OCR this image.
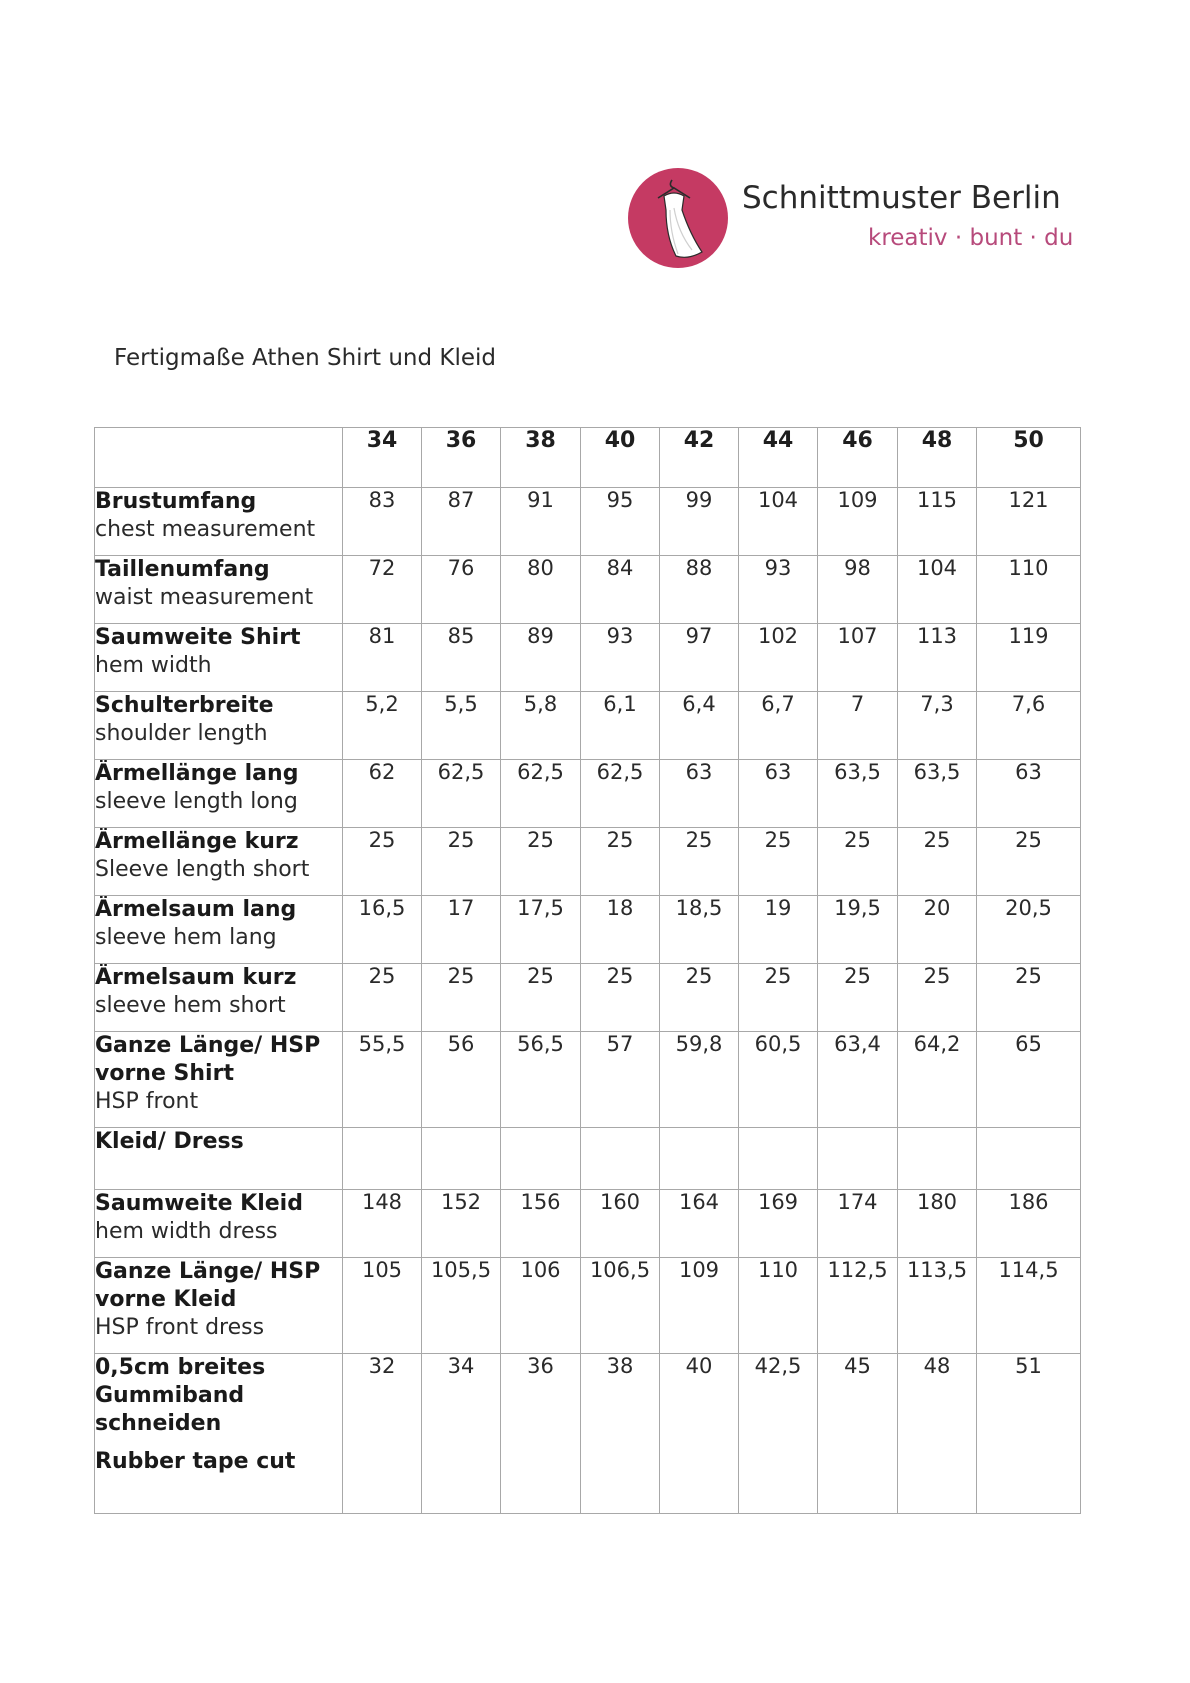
Schnittmuster Berlin
kreativ · bunt · du
Fertigmaße Athen Shirt und Kleid
	34	36	38	40	42	44	46	48	50

Brustumfang
chest measurement	83	87	91	95	99	104	109	115	121

Taillenumfang
waist measurement	72	76	80	84	88	93	98	104	110

Saumweite Shirt
hem width	81	85	89	93	97	102	107	113	119

Schulterbreite
shoulder length	5,2	5,5	5,8	6,1	6,4	6,7	7	7,3	7,6

Ärmellänge lang
sleeve length long	62	62,5	62,5	62,5	63	63	63,5	63,5	63

Ärmellänge kurz
Sleeve length short	25	25	25	25	25	25	25	25	25

Ärmelsaum lang
sleeve hem lang	16,5	17	17,5	18	18,5	19	19,5	20	20,5

Ärmelsaum kurz
sleeve hem short	25	25	25	25	25	25	25	25	25

Ganze Länge/ HSP vorne Shirt
HSP front	55,5	56	56,5	57	59,8	60,5	63,4	64,2	65

Kleid/ Dress									

Saumweite Kleid
hem width dress	148	152	156	160	164	169	174	180	186

Ganze Länge/ HSP vorne Kleid
HSP front dress	105	105,5	106	106,5	109	110	112,5	113,5	114,5

0,5cm breites Gummiband schneiden
Rubber tape cut	32	34	36	38	40	42,5	45	48	51
